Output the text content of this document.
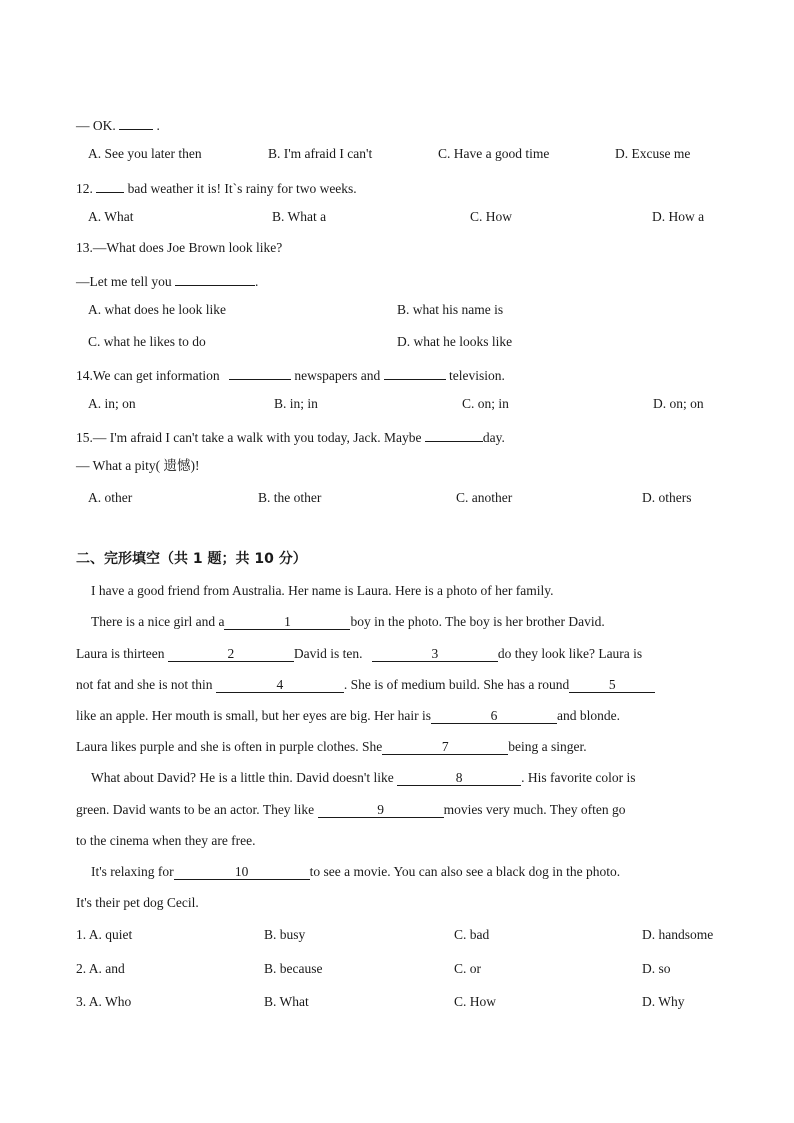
— OK.	.
A. See you later then	B. I'm afraid I can't	C. Have a good time	D. Excuse me
12.	bad weather it is! It`s rainy for two weeks.
A. What	B. What a	C. How	D. How a
13.—What does Joe Brown look like?
—Let me tell you	.
A. what does he look like	B. what his name is
C. what he likes to do	D. what he looks like
14.We can get information	newspapers and	television.
A. in; on	B. in; in	C. on; in	D. on; on
15.— I'm afraid I can't take a walk with you today, Jack. Maybe	day.
— What a pity( 遗憾)!
A. other	B. the other	C. another	D. others
二、完形填空（共 1 题；共 10 分）
I have a good friend from Australia. Her name is Laura. Here is a photo of her family.
There is a nice girl and a	1	boy in the photo. The boy is her brother David.
Laura is thirteen	2	David is ten.	3	do they look like? Laura is
not fat and she is not thin	4	. She is of medium build. She has a round	5
like an apple. Her mouth is small, but her eyes are big. Her hair is	6	and blonde.
Laura likes purple and she is often in purple clothes. She	7	being a singer.
What about David? He is a little thin. David doesn't like	8	. His favorite color is
green. David wants to be an actor. They like	9	movies very much. They often go
to the cinema when they are free.
It's relaxing for	10	to see a movie. You can also see a black dog in the photo.
It's their pet dog Cecil.
1. A. quiet	B. busy	C. bad	D. handsome
2. A. and	B. because	C. or	D. so
3. A. Who	B. What	C. How	D. Why
